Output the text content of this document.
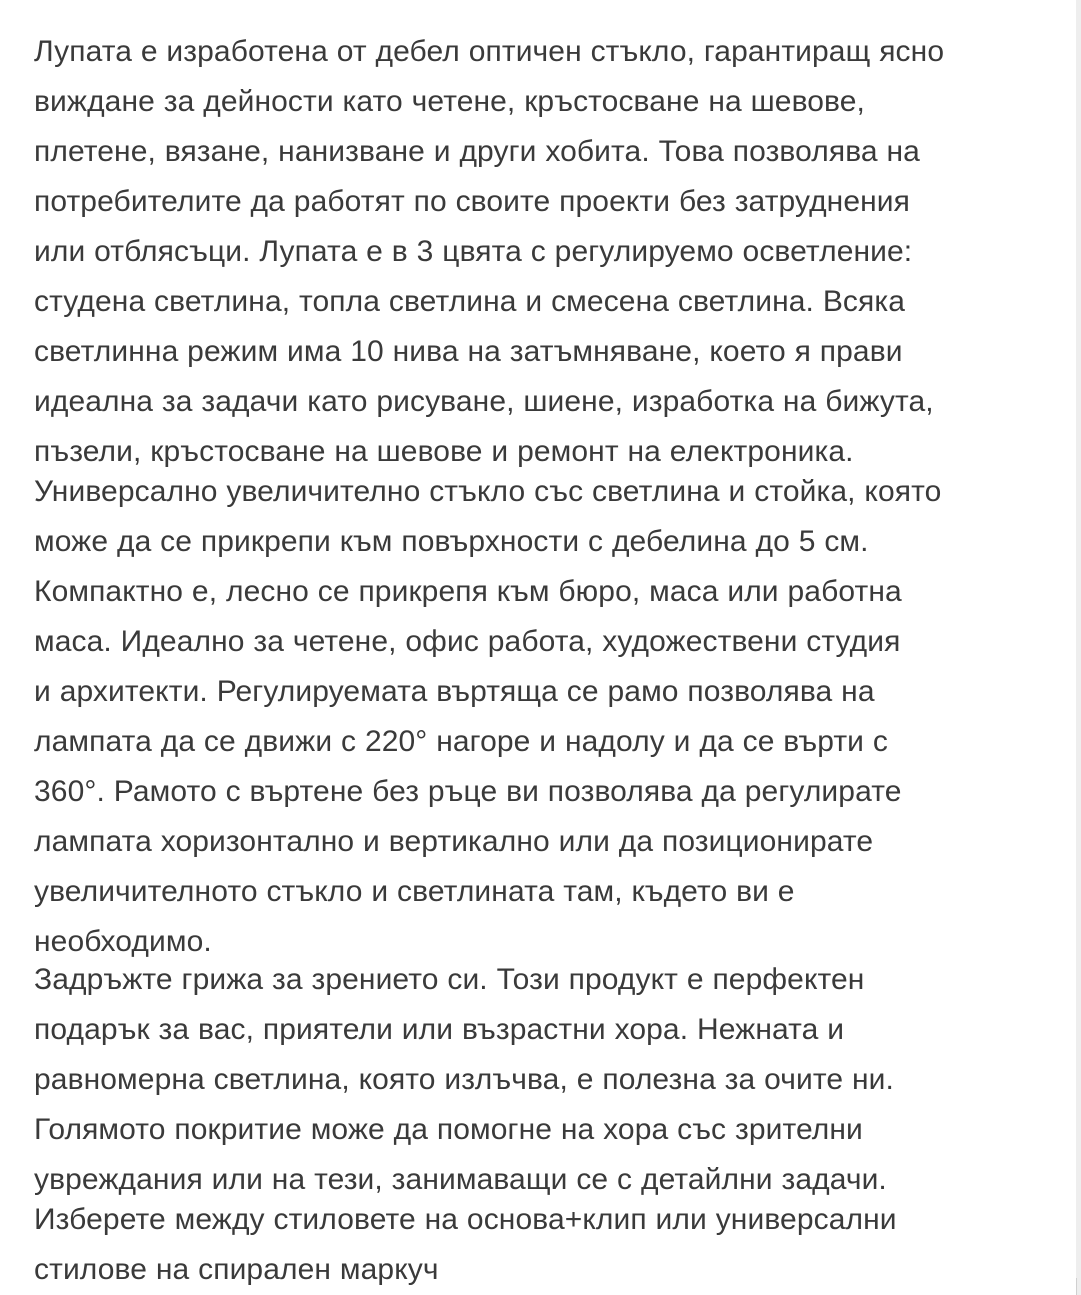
Лупата е изработена от дебел оптичен стъкло, гарантиращ ясно

виждане за дейности като четене, кръстосване на шевове,

плетене, вязане, нанизване и други хобита. Това позволява на

потребителите да работят по своите проекти без затруднения

или отблясъци. Лупата е в 3 цвята с регулируемо осветление:

студена светлина, топла светлина и смесена светлина. Всяка

светлинна режим има 10 нива на затъмняване, което я прави

идеална за задачи като рисуване, шиене, изработка на бижута,

пъзели, кръстосване на шевове и ремонт на електроника.

Универсално увеличително стъкло със светлина и стойка, която

може да се прикрепи към повърхности с дебелина до 5 см.

Компактно е, лесно се прикрепя към бюро, маса или работна

маса. Идеално за четене, офис работа, художествени студия

и архитекти. Регулируемата въртяща се рамо позволява на

лампата да се движи с 220° нагоре и надолу и да се върти с

360°. Рамото с въртене без ръце ви позволява да регулирате

лампата хоризонтално и вертикално или да позиционирате

увеличителното стъкло и светлината там, където ви е

необходимо.

Задръжте грижа за зрението си. Този продукт е перфектен

подарък за вас, приятели или възрастни хора. Нежната и

равномерна светлина, която излъчва, е полезна за очите ни.

Голямото покритие може да помогне на хора със зрителни

увреждания или на тези, занимаващи се с детайлни задачи.

Изберете между стиловете на основа+клип или универсални

стилове на спирален маркуч
